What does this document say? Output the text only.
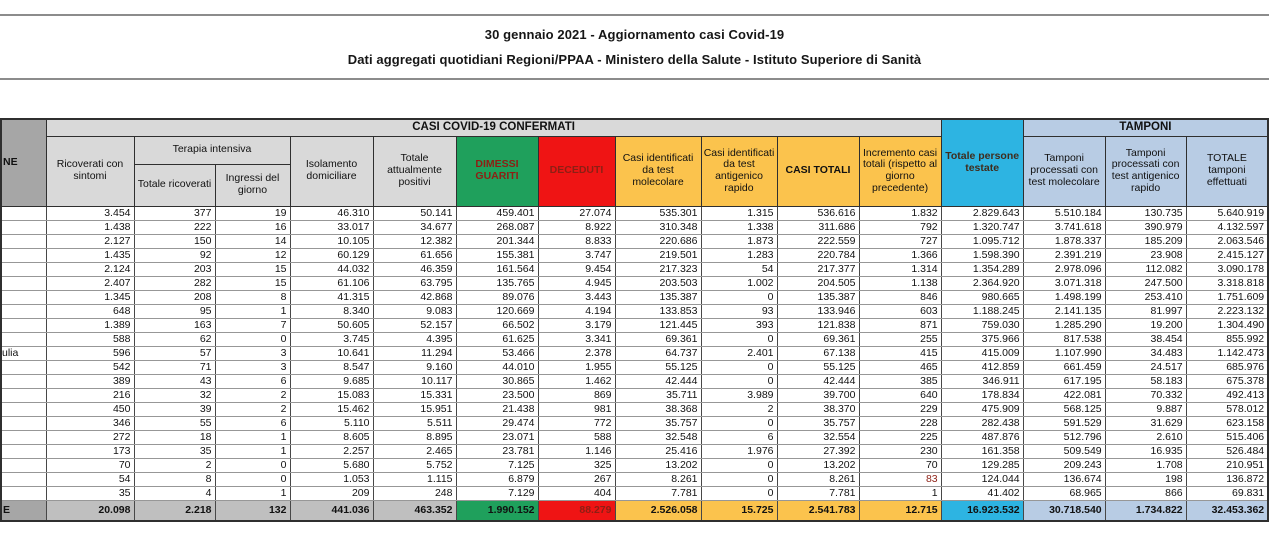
30 gennaio 2021 - Aggiornamento casi Covid-19
Dati aggregati quotidiani Regioni/PPAA - Ministero della Salute - Istituto Superiore di Sanità
NE	CASI COVID-19 CONFERMATI											Totale persone testate	TAMPONI		
	Ricoverati con sintomi	Terapia intensiva		Isolamento domiciliare	Totale attualmente positivi	DIMESSI GUARITI	DECEDUTI	Casi identificati da test molecolare	Casi identificati da test antigenico rapido	CASI TOTALI	Incremento casi totali (rispetto al giorno precedente)		Tamponi processati con test molecolare	Tamponi processati con test antigenico rapido	TOTALE tamponi effettuati
		Totale ricoverati	Ingressi del giorno												
	3.454	377	19	46.310	50.141	459.401	27.074	535.301	1.315	536.616	1.832	2.829.643	5.510.184	130.735	5.640.919
	1.438	222	16	33.017	34.677	268.087	8.922	310.348	1.338	311.686	792	1.320.747	3.741.618	390.979	4.132.597
	2.127	150	14	10.105	12.382	201.344	8.833	220.686	1.873	222.559	727	1.095.712	1.878.337	185.209	2.063.546
	1.435	92	12	60.129	61.656	155.381	3.747	219.501	1.283	220.784	1.366	1.598.390	2.391.219	23.908	2.415.127
	2.124	203	15	44.032	46.359	161.564	9.454	217.323	54	217.377	1.314	1.354.289	2.978.096	112.082	3.090.178
	2.407	282	15	61.106	63.795	135.765	4.945	203.503	1.002	204.505	1.138	2.364.920	3.071.318	247.500	3.318.818
	1.345	208	8	41.315	42.868	89.076	3.443	135.387	0	135.387	846	980.665	1.498.199	253.410	1.751.609
	648	95	1	8.340	9.083	120.669	4.194	133.853	93	133.946	603	1.188.245	2.141.135	81.997	2.223.132
	1.389	163	7	50.605	52.157	66.502	3.179	121.445	393	121.838	871	759.030	1.285.290	19.200	1.304.490
	588	62	0	3.745	4.395	61.625	3.341	69.361	0	69.361	255	375.966	817.538	38.454	855.992
ulia	596	57	3	10.641	11.294	53.466	2.378	64.737	2.401	67.138	415	415.009	1.107.990	34.483	1.142.473
	542	71	3	8.547	9.160	44.010	1.955	55.125	0	55.125	465	412.859	661.459	24.517	685.976
	389	43	6	9.685	10.117	30.865	1.462	42.444	0	42.444	385	346.911	617.195	58.183	675.378
	216	32	2	15.083	15.331	23.500	869	35.711	3.989	39.700	640	178.834	422.081	70.332	492.413
	450	39	2	15.462	15.951	21.438	981	38.368	2	38.370	229	475.909	568.125	9.887	578.012
	346	55	6	5.110	5.511	29.474	772	35.757	0	35.757	228	282.438	591.529	31.629	623.158
	272	18	1	8.605	8.895	23.071	588	32.548	6	32.554	225	487.876	512.796	2.610	515.406
	173	35	1	2.257	2.465	23.781	1.146	25.416	1.976	27.392	230	161.358	509.549	16.935	526.484
	70	2	0	5.680	5.752	7.125	325	13.202	0	13.202	70	129.285	209.243	1.708	210.951
	54	8	0	1.053	1.115	6.879	267	8.261	0	8.261	83	124.044	136.674	198	136.872
	35	4	1	209	248	7.129	404	7.781	0	7.781	1	41.402	68.965	866	69.831
E	20.098	2.218	132	441.036	463.352	1.990.152	88.279	2.526.058	15.725	2.541.783	12.715	16.923.532	30.718.540	1.734.822	32.453.362
